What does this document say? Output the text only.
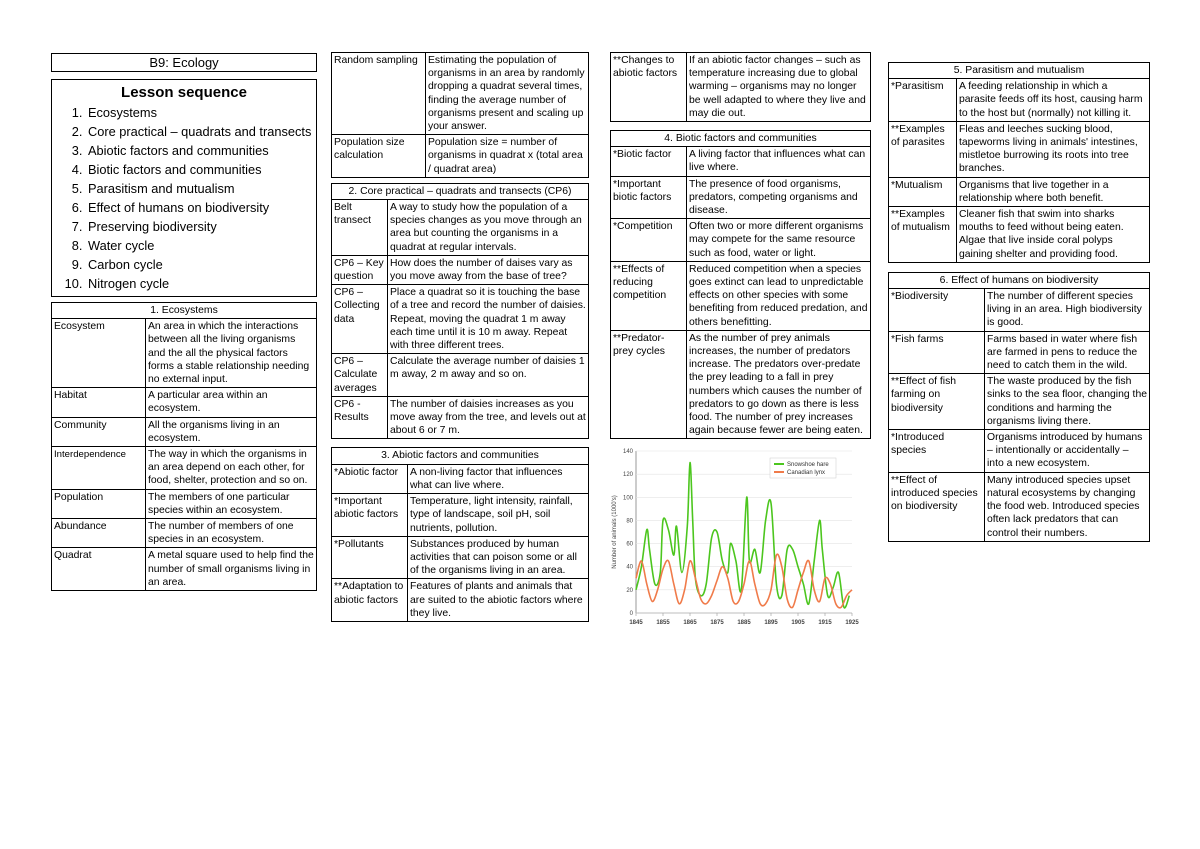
B9: Ecology
Lesson sequence
1. Ecosystems
2. Core practical – quadrats and transects
3. Abiotic factors and communities
4. Biotic factors and communities
5. Parasitism and mutualism
6. Effect of humans on biodiversity
7. Preserving biodiversity
8. Water cycle
9. Carbon cycle
10. Nitrogen cycle
1. Ecosystems	
Ecosystem	An area in which the interactions between all the living organisms and the all the physical factors forms a stable relationship needing no external input.
Habitat	A particular area within an ecosystem.
Community	All the organisms living in an ecosystem.
Interdependence	The way in which the organisms in an area depend on each other, for food, shelter, protection and so on.
Population	The members of one particular species within an ecosystem.
Abundance	The number of members of one species in an ecosystem.
Quadrat	A metal square used to help find the number of small organisms living in an area.
Random sampling	Estimating the population of organisms in an area by randomly dropping a quadrat several times, finding the average number of organisms present and scaling up your answer.
Population size calculation	Population size = number of organisms in quadrat x (total area / quadrat area)
2. Core practical – quadrats and transects (CP6)	
Belt transect	A way to study how the population of a species changes as you move through an area but counting the organisms in a quadrat at regular intervals.
CP6 – Key question	How does the number of daises vary as you move away from the base of tree?
CP6 – Collecting data	Place a quadrat so it is touching the base of a tree and record the number of daisies. Repeat, moving the quadrat 1 m away each time until it is 10 m away. Repeat with three different trees.
CP6 – Calculate averages	Calculate the average number of daisies 1 m away, 2 m away and so on.
CP6 - Results	The number of daisies increases as you move away from the tree, and levels out at about 6 or 7 m.
3. Abiotic factors and communities	
*Abiotic factor	A non-living factor that influences what can live where.
*Important abiotic factors	Temperature, light intensity, rainfall, type of landscape, soil pH, soil nutrients, pollution.
*Pollutants	Substances produced by human activities that can poison some or all of the organisms living in an area.
**Adaptation to abiotic factors	Features of plants and animals that are suited to the abiotic factors where they live.
**Changes to abiotic factors	If an abiotic factor changes – such as temperature increasing due to global warming – organisms may no longer be well adapted to where they live and may die out.
4. Biotic factors and communities	
*Biotic factor	A living factor that influences what can live where.
*Important biotic factors	The presence of food organisms, predators, competing organisms and disease.
*Competition	Often two or more different organisms may compete for the same resource such as food, water or light.
**Effects of reducing competition	Reduced competition when a species goes extinct can lead to unpredictable effects on other species with some benefiting from reduced predation, and others benefitting.
**Predator-prey cycles	As the number of prey animals increases, the number of predators increase. The predators over-predate the prey leading to a fall in prey numbers which causes the number of predators to go down as there is less food. The number of prey increases again because fewer are being eaten.
Number of animals (1000's)
0
20
40
60
80
100
120
140
1845 1855 1865 1875 1885 1895 1905 1915 1925
Snowshoe hare
Canadian lynx
5. Parasitism and mutualism	
*Parasitism	A feeding relationship in which a parasite feeds off its host, causing harm to the host but (normally) not killing it.
**Examples of parasites	Fleas and leeches sucking blood, tapeworms living in animals' intestines, mistletoe burrowing its roots into tree branches.
*Mutualism	Organisms that live together in a relationship where both benefit.
**Examples of mutualism	Cleaner fish that swim into sharks mouths to feed without being eaten. Algae that live inside coral polyps gaining shelter and providing food.
6. Effect of humans on biodiversity	
*Biodiversity	The number of different species living in an area. High biodiversity is good.
*Fish farms	Farms based in water where fish are farmed in pens to reduce the need to catch them in the wild.
**Effect of fish farming on biodiversity	The waste produced by the fish sinks to the sea floor, changing the conditions and harming the organisms living there.
*Introduced species	Organisms introduced by humans – intentionally or accidentally – into a new ecosystem.
**Effect of introduced species on biodiversity	Many introduced species upset natural ecosystems by changing the food web. Introduced species often lack predators that can control their numbers.
